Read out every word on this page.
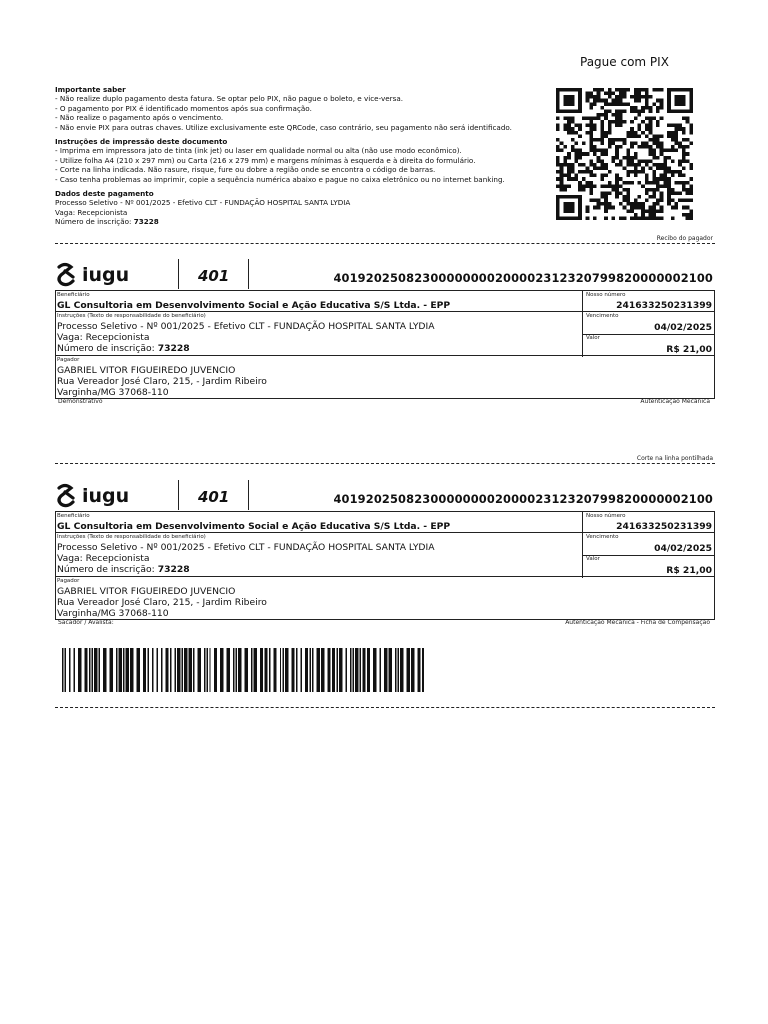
Pague com PIX
Importante saber
- Não realize duplo pagamento desta fatura. Se optar pelo PIX, não pague o boleto, e vice-versa.
- O pagamento por PIX é identificado momentos após sua confirmação.
- Não realize o pagamento após o vencimento.
- Não envie PIX para outras chaves. Utilize exclusivamente este QRCode, caso contrário, seu pagamento não será identificado.
Instruções de impressão deste documento
- Imprima em impressora jato de tinta (ink jet) ou laser em qualidade normal ou alta (não use modo econômico).
- Utilize folha A4 (210 x 297 mm) ou Carta (216 x 279 mm) e margens mínimas à esquerda e à direita do formulário.
- Corte na linha indicada. Não rasure, risque, fure ou dobre a região onde se encontra o código de barras.
- Caso tenha problemas ao imprimir, copie a sequência numérica abaixo e pague no caixa eletrônico ou no internet banking.
Dados deste pagamento
Processo Seletivo - Nº 001/2025 - Efetivo CLT - FUNDAÇÃO HOSPITAL SANTA LYDIA
Vaga: Recepcionista
Número de inscrição: 73228
Recibo do pagador
iugu	401	40192025082300000000200002312320799820000002100
Beneficiário
GL Consultoria em Desenvolvimento Social e Ação Educativa S/S Ltda. - EPP
Nosso número
241633250231399
Instruções (Texto de responsabilidade do beneficiário)
Processo Seletivo - Nº 001/2025 - Efetivo CLT - FUNDAÇÃO HOSPITAL SANTA LYDIA
Vaga: Recepcionista
Número de inscrição: 73228
Vencimento
04/02/2025
Valor
R$ 21,00
Pagador
GABRIEL VITOR FIGUEIREDO JUVENCIO
Rua Vereador José Claro, 215, - Jardim Ribeiro
Varginha/MG 37068-110
Demonstrativo	Autenticação Mecânica
Corte na linha pontilhada
iugu	401	40192025082300000000200002312320799820000002100
Beneficiário
GL Consultoria em Desenvolvimento Social e Ação Educativa S/S Ltda. - EPP
Nosso número
241633250231399
Instruções (Texto de responsabilidade do beneficiário)
Processo Seletivo - Nº 001/2025 - Efetivo CLT - FUNDAÇÃO HOSPITAL SANTA LYDIA
Vaga: Recepcionista
Número de inscrição: 73228
Vencimento
04/02/2025
Valor
R$ 21,00
Pagador
GABRIEL VITOR FIGUEIREDO JUVENCIO
Rua Vereador José Claro, 215, - Jardim Ribeiro
Varginha/MG 37068-110
Sacador / Avalista:	Autenticação Mecânica - Ficha de Compensação
